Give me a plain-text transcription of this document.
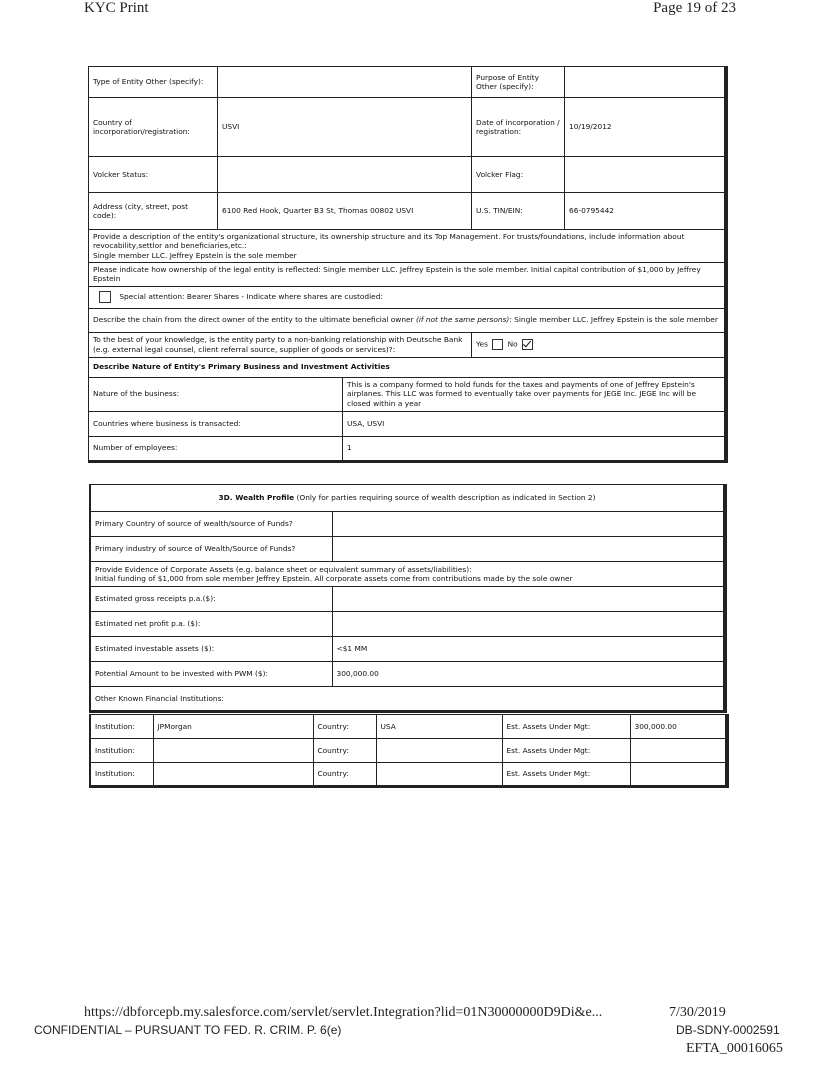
KYC Print	Page 19 of 23
Type of Entity Other (specify):			Purpose of Entity Other (specify):	
Country of incorporation/registration:	USVI		Date of incorporation / registration:	10/19/2012
Volcker Status:			Volcker Flag:	
Address (city, street, post code):	6100 Red Hook, Quarter B3 St, Thomas 00802 USVI		U.S. TIN/EIN:	66-0795442

Provide a description of the entity's organizational structure, its ownership structure and its Top Management. For trusts/foundations, include information about revocability,settlor and beneficiaries,etc.:
Single member LLC. Jeffrey Epstein is the sole member				

Please indicate how ownership of the legal entity is reflected: Single member LLC. Jeffrey Epstein is the sole member. Initial capital contribution of $1,000 by Jeffrey Epstein				
Special attention: Bearer Shares - Indicate where shares are custodied:				
Describe the chain from the direct owner of the entity to the ultimate beneficial owner (if not the same persons): Single member LLC. Jeffrey Epstein is the sole member				
To the best of your knowledge, is the entity party to a non-banking relationship with Deutsche Bank (e.g. external legal counsel, client referral source, supplier of goods or services)?:			Yes No	
Describe Nature of Entity's Primary Business and Investment Activities				
Nature of the business:		This is a company formed to hold funds for the taxes and payments of one of Jeffrey Epstein's airplanes. This LLC was formed to eventually take over payments for JEGE Inc. JEGE Inc will be closed within a year		
Countries where business is transacted:		USA, USVI		
Number of employees:		1		
3D. Wealth Profile (Only for parties requiring source of wealth description as indicated in Section 2)	
Primary Country of source of wealth/source of Funds?	
Primary industry of source of Wealth/Source of Funds?	

Provide Evidence of Corporate Assets (e.g. balance sheet or equivalent summary of assets/liabilities):
Initial funding of $1,000 from sole member Jeffrey Epstein. All corporate assets come from contributions made by the sole owner	

Estimated gross receipts p.a.($):	
Estimated net profit p.a. ($):	
Estimated investable assets ($):	<$1 MM
Potential Amount to be invested with PWM ($):	300,000.00
Other Known Financial Institutions:	
Institution:	JPMorgan	Country:	USA	Est. Assets Under Mgt:	300,000.00
Institution:		Country:		Est. Assets Under Mgt:	
Institution:		Country:		Est. Assets Under Mgt:	
https://dbforcepb.my.salesforce.com/servlet/servlet.Integration?lid=01N30000000D9Di&e...	7/30/2019
CONFIDENTIAL – PURSUANT TO FED. R. CRIM. P. 6(e)	DB-SDNY-0002591
EFTA_00016065
